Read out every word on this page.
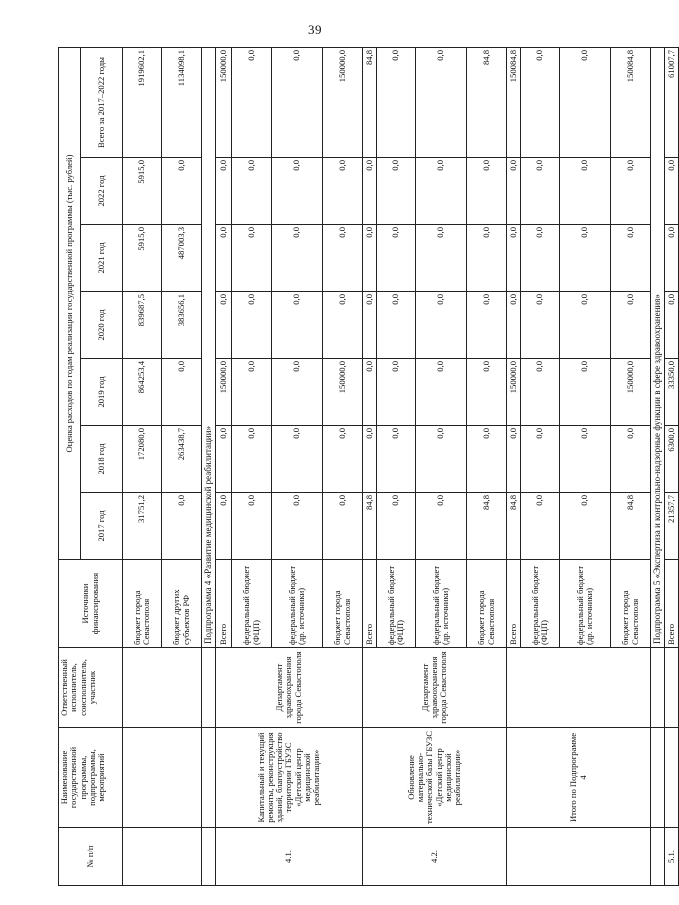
39
№ п/п	Наименование государственной программы, подпрограммы, мероприятий	Ответственный исполнитель, соисполнитель, участник	Источники финансирования	Оценка расходов по годам реализации государственной программы (тыс. рублей)						
				2017 год	2018 год	2019 год	2020 год	2021 год	2022 год	Всего за 2017–2022 годы
			бюджет города Севастополя	31751,2	172080,0	864253,4	839687,5	5915,0	5915,0	1919602,1
			бюджет других субъектов РФ	0,0	263438,7	0,0	383656,1	487003,3	0,0	1134098,1
			Подпрограмма 4 «Развитие медицинской реабилитации»							
4.1.	Капитальный и текущий ремонты, реконструкция зданий, благоустройство территории ГБУЗС «Детский центр медицинской реабилитации»	Департамент здравоохранения города Севастополя	Всего	0,0	0,0	150000,0	0,0	0,0	0,0	150000,0
			федеральный бюджет (ФЦП)	0,0	0,0	0,0	0,0	0,0	0,0	0,0
			федеральный бюджет (др. источники)	0,0	0,0	0,0	0,0	0,0	0,0	0,0
			бюджет города Севастополя	0,0	0,0	150000,0	0,0	0,0	0,0	150000,0
4.2.	Обновление материально-технической базы ГБУЗС «Детский центр медицинской реабилитации»	Департамент здравоохранения города Севастополя	Всего	84,8	0,0	0,0	0,0	0,0	0,0	84,8
			федеральный бюджет (ФЦП)	0,0	0,0	0,0	0,0	0,0	0,0	0,0
			федеральный бюджет (др. источники)	0,0	0,0	0,0	0,0	0,0	0,0	0,0
			бюджет города Севастополя	84,8	0,0	0,0	0,0	0,0	0,0	84,8
	Итого по Подпрограмме 4		Всего	84,8	0,0	150000,0	0,0	0,0	0,0	150084,8
			федеральный бюджет (ФЦП)	0,0	0,0	0,0	0,0	0,0	0,0	0,0
			федеральный бюджет (др. источники)	0,0	0,0	0,0	0,0	0,0	0,0	0,0
			бюджет города Севастополя	84,8	0,0	150000,0	0,0	0,0	0,0	150084,8
			Подпрограмма 5 «Экспертиза и контрольно-надзорные функции в сфере здравоохранения»							
5.1.			Всего	21357,7	6300,0	33350,0	0,0	0,0	0,0	61007,7
